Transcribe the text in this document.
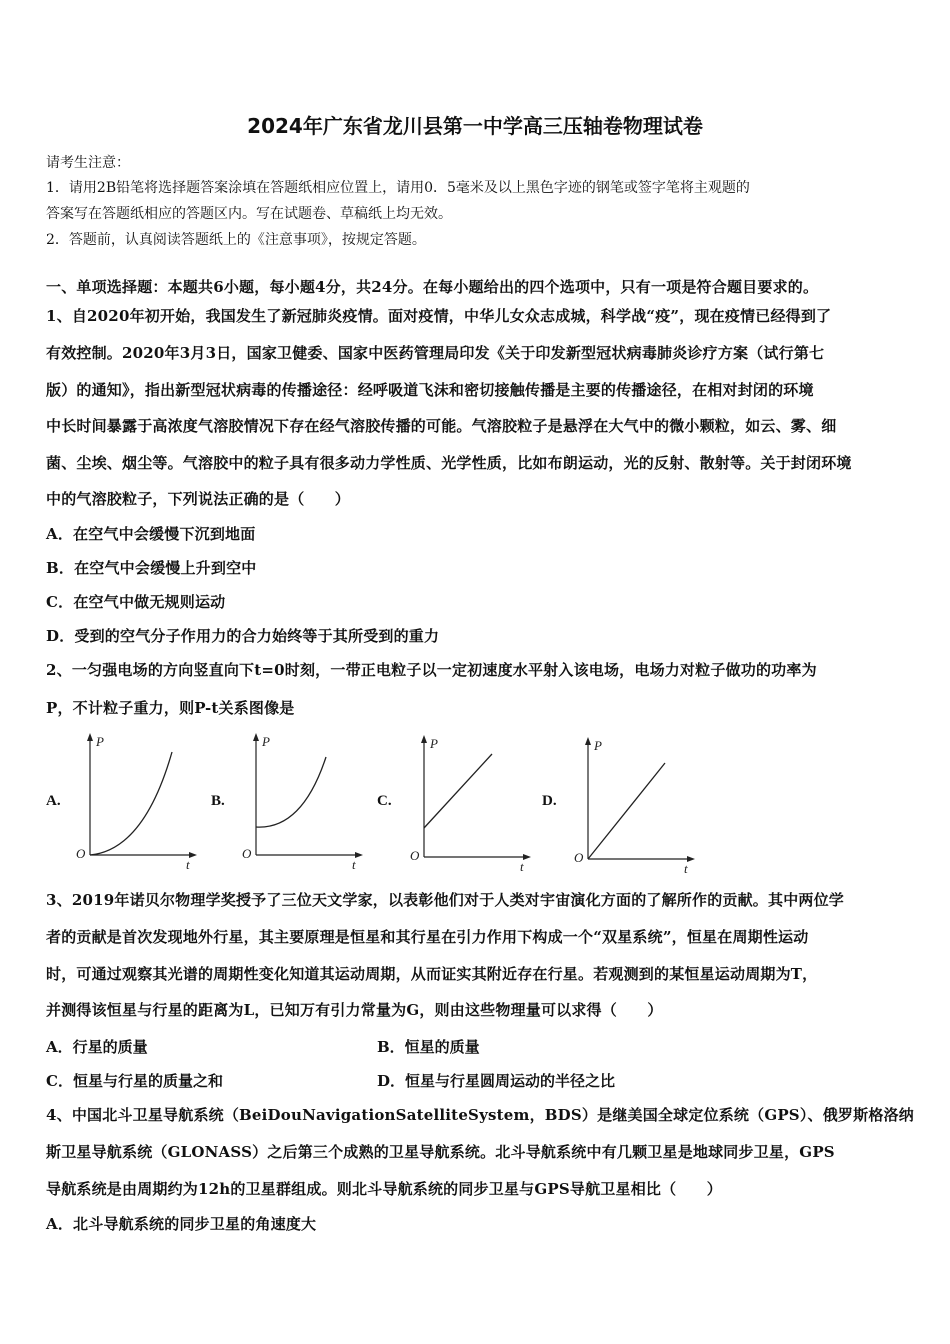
2024年广东省龙川县第一中学高三压轴卷物理试卷
请考生注意：
1．请用2B铅笔将选择题答案涂填在答题纸相应位置上，请用0．5毫米及以上黑色字迹的钢笔或签字笔将主观题的
答案写在答题纸相应的答题区内。写在试题卷、草稿纸上均无效。
2．答题前，认真阅读答题纸上的《注意事项》，按规定答题。
一、单项选择题：本题共6小题，每小题4分，共24分。在每小题给出的四个选项中，只有一项是符合题目要求的。
1、自2020年初开始，我国发生了新冠肺炎疫情。面对疫情，中华儿女众志成城，科学战“疫”，现在疫情已经得到了
有效控制。2020年3月3日，国家卫健委、国家中医药管理局印发《关于印发新型冠状病毒肺炎诊疗方案（试行第七
版）的通知》，指出新型冠状病毒的传播途径：经呼吸道飞沫和密切接触传播是主要的传播途径，在相对封闭的环境
中长时间暴露于高浓度气溶胶情况下存在经气溶胶传播的可能。气溶胶粒子是悬浮在大气中的微小颗粒，如云、雾、细
菌、尘埃、烟尘等。气溶胶中的粒子具有很多动力学性质、光学性质，比如布朗运动，光的反射、散射等。关于封闭环境
中的气溶胶粒子，下列说法正确的是（　　）
A．在空气中会缓慢下沉到地面
B．在空气中会缓慢上升到空中
C．在空气中做无规则运动
D．受到的空气分子作用力的合力始终等于其所受到的重力
2、一匀强电场的方向竖直向下t=0时刻，一带正电粒子以一定初速度水平射入该电场，电场力对粒子做功的功率为
P，不计粒子重力，则P-t关系图像是
A.
P
t
O
B.
P
t
O
C.
P
t
O
D.
P
t
O
3、2019年诺贝尔物理学奖授予了三位天文学家，以表彰他们对于人类对宇宙演化方面的了解所作的贡献。其中两位学
者的贡献是首次发现地外行星，其主要原理是恒星和其行星在引力作用下构成一个“双星系统”，恒星在周期性运动
时，可通过观察其光谱的周期性变化知道其运动周期，从而证实其附近存在行星。若观测到的某恒星运动周期为T，
并测得该恒星与行星的距离为L，已知万有引力常量为G，则由这些物理量可以求得（　　）
A．行星的质量	B．恒星的质量
C．恒星与行星的质量之和	D．恒星与行星圆周运动的半径之比
4、中国北斗卫星导航系统（BeiDouNavigationSatelliteSystem，BDS）是继美国全球定位系统（GPS）、俄罗斯格洛纳
斯卫星导航系统（GLONASS）之后第三个成熟的卫星导航系统。北斗导航系统中有几颗卫星是地球同步卫星，GPS
导航系统是由周期约为12h的卫星群组成。则北斗导航系统的同步卫星与GPS导航卫星相比（　　）
A．北斗导航系统的同步卫星的角速度大
